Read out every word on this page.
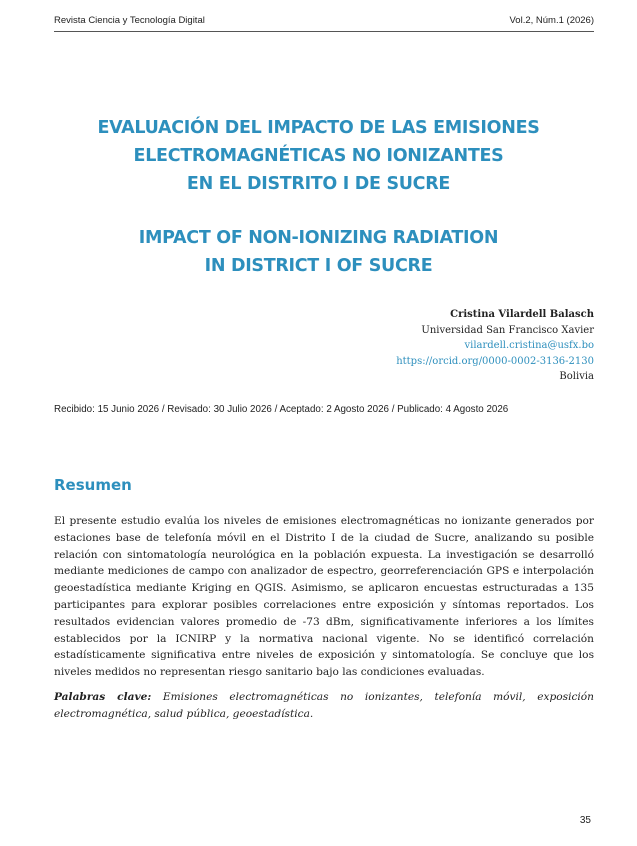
Revista Ciencia y Tecnología Digital	Vol.2, Núm.1 (2026)
EVALUACIÓN DEL IMPACTO DE LAS EMISIONES
ELECTROMAGNÉTICAS NO IONIZANTES
EN EL DISTRITO I DE SUCRE
IMPACT OF NON-IONIZING RADIATION
IN DISTRICT I OF SUCRE
Cristina Vilardell Balasch
Universidad San Francisco Xavier
vilardell.cristina@usfx.bo
https://orcid.org/0000-0002-3136-2130
Bolivia
Recibido: 15 Junio 2026 / Revisado: 30 Julio 2026 / Aceptado: 2 Agosto 2026 / Publicado: 4 Agosto 2026
Resumen
El presente estudio evalúa los niveles de emisiones electromagnéticas no ionizante generados por estaciones base de telefonía móvil en el Distrito I de la ciudad de Sucre, analizando su posible relación con sintomatología neurológica en la población expuesta. La investigación se desarrolló mediante mediciones de campo con analizador de espectro, georreferenciación GPS e interpolación geoestadística mediante Kriging en QGIS. Asimismo, se aplicaron encuestas estructuradas a 135 participantes para explorar posibles correlaciones entre exposición y síntomas reportados. Los resultados evidencian valores promedio de -73 dBm, significativamente inferiores a los límites establecidos por la ICNIRP y la normativa nacional vigente. No se identificó correlación estadísticamente significativa entre niveles de exposición y sintomatología. Se concluye que los niveles medidos no representan riesgo sanitario bajo las condiciones evaluadas.
Palabras clave: Emisiones electromagnéticas no ionizantes, telefonía móvil, exposición electromagnética, salud pública, geoestadística.
35
